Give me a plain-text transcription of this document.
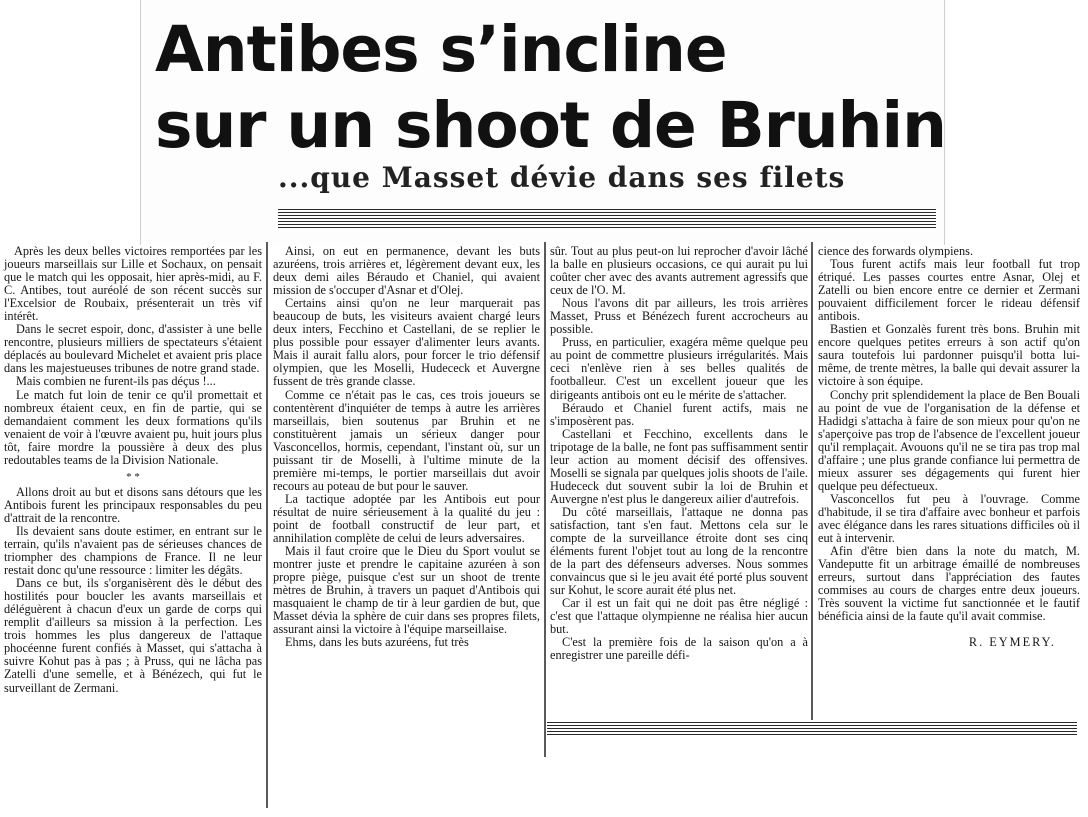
Antibes s’incline
sur un shoot de Bruhin
...que Masset dévie dans ses filets

Après les deux belles victoires remportées par les joueurs marseillais sur Lille et Sochaux, on pensait que le match qui les opposait, hier après-midi, au F. C. Antibes, tout auréolé de son récent succès sur l'Excelsior de Roubaix, présenterait un très vif intérêt.

Dans le secret espoir, donc, d'assister à une belle rencontre, plusieurs milliers de spectateurs s'étaient déplacés au boulevard Michelet et avaient pris place dans les majestueuses tribunes de notre grand stade.

Mais combien ne furent-ils pas déçus !...

Le match fut loin de tenir ce qu'il promettait et nombreux étaient ceux, en fin de partie, qui se demandaient comment les deux formations qu'ils venaient de voir à l'œuvre avaient pu, huit jours plus tôt, faire mordre la poussière à deux des plus redoutables teams de la Division Nationale.

* *

Allons droit au but et disons sans détours que les Antibois furent les principaux responsables du peu d'attrait de la rencontre.

Ils devaient sans doute estimer, en entrant sur le terrain, qu'ils n'avaient pas de sérieuses chances de triompher des champions de France. Il ne leur restait donc qu'une ressource : limiter les dégâts.

Dans ce but, ils s'organisèrent dès le début des hostilités pour boucler les avants marseillais et déléguèrent à chacun d'eux un garde de corps qui remplit d'ailleurs sa mission à la perfection. Les trois hommes les plus dangereux de l'attaque phocéenne furent confiés à Masset, qui s'attacha à suivre Kohut pas à pas ; à Pruss, qui ne lâcha pas Zatelli d'une semelle, et à Bénézech, qui fut le surveillant de Zermani.

Ainsi, on eut en permanence, devant les buts azuréens, trois arrières et, légèrement devant eux, les deux demi ailes Béraudo et Chaniel, qui avaient mission de s'occuper d'Asnar et d'Olej.

Certains ainsi qu'on ne leur marquerait pas beaucoup de buts, les visiteurs avaient chargé leurs deux inters, Fecchino et Castellani, de se replier le plus possible pour essayer d'alimenter leurs avants. Mais il aurait fallu alors, pour forcer le trio défensif olympien, que les Moselli, Hudececk et Auvergne fussent de très grande classe.

Comme ce n'était pas le cas, ces trois joueurs se contentèrent d'inquiéter de temps à autre les arrières marseillais, bien soutenus par Bruhin et ne constituèrent jamais un sérieux danger pour Vasconcellos, hormis, cependant, l'instant où, sur un puissant tir de Moselli, à l'ultime minute de la première mi-temps, le portier marseillais dut avoir recours au poteau de but pour le sauver.

La tactique adoptée par les Antibois eut pour résultat de nuire sérieusement à la qualité du jeu : point de football constructif de leur part, et annihilation complète de celui de leurs adversaires.

Mais il faut croire que le Dieu du Sport voulut se montrer juste et prendre le capitaine azuréen à son propre piège, puisque c'est sur un shoot de trente mètres de Bruhin, à travers un paquet d'Antibois qui masquaient le champ de tir à leur gardien de but, que Masset dévia la sphère de cuir dans ses propres filets, assurant ainsi la victoire à l'équipe marseillaise.

Ehms, dans les buts azuréens, fut très

sûr. Tout au plus peut-on lui reprocher d'avoir lâché la balle en plusieurs occasions, ce qui aurait pu lui coûter cher avec des avants autrement agressifs que ceux de l'O. M.

Nous l'avons dit par ailleurs, les trois arrières Masset, Pruss et Bénézech furent accrocheurs au possible.

Pruss, en particulier, exagéra même quelque peu au point de commettre plusieurs irrégularités. Mais ceci n'enlève rien à ses belles qualités de footballeur. C'est un excellent joueur que les dirigeants antibois ont eu le mérite de s'attacher.

Béraudo et Chaniel furent actifs, mais ne s'imposèrent pas.

Castellani et Fecchino, excellents dans le tripotage de la balle, ne font pas suffisamment sentir leur action au moment décisif des offensives. Moselli se signala par quelques jolis shoots de l'aile. Hudececk dut souvent subir la loi de Bruhin et Auvergne n'est plus le dangereux ailier d'autrefois.

Du côté marseillais, l'attaque ne donna pas satisfaction, tant s'en faut. Mettons cela sur le compte de la surveillance étroite dont ses cinq éléments furent l'objet tout au long de la rencontre de la part des défenseurs adverses. Nous sommes convaincus que si le jeu avait été porté plus souvent sur Kohut, le score aurait été plus net.

Car il est un fait qui ne doit pas être négligé : c'est que l'attaque olympienne ne réalisa hier aucun but.

C'est la première fois de la saison qu'on a à enregistrer une pareille défi-

cience des forwards olympiens.

Tous furent actifs mais leur football fut trop étriqué. Les passes courtes entre Asnar, Olej et Zatelli ou bien encore entre ce dernier et Zermani pouvaient difficilement forcer le rideau défensif antibois.

Bastien et Gonzalès furent très bons. Bruhin mit encore quelques petites erreurs à son actif qu'on saura toutefois lui pardonner puisqu'il botta lui-même, de trente mètres, la balle qui devait assurer la victoire à son équipe.

Conchy prit splendidement la place de Ben Bouali au point de vue de l'organisation de la défense et Hadidgi s'attacha à faire de son mieux pour qu'on ne s'aperçoive pas trop de l'absence de l'excellent joueur qu'il remplaçait. Avouons qu'il ne se tira pas trop mal d'affaire ; une plus grande confiance lui permettra de mieux assurer ses dégagements qui furent hier quelque peu défectueux.

Vasconcellos fut peu à l'ouvrage. Comme d'habitude, il se tira d'affaire avec bonheur et parfois avec élégance dans les rares situations difficiles où il eut à intervenir.

Afin d'être bien dans la note du match, M. Vandeputte fit un arbitrage émaillé de nombreuses erreurs, surtout dans l'appréciation des fautes commises au cours de charges entre deux joueurs. Très souvent la victime fut sanctionnée et le fautif bénéficia ainsi de la faute qu'il avait commise.

R. EYMERY.
